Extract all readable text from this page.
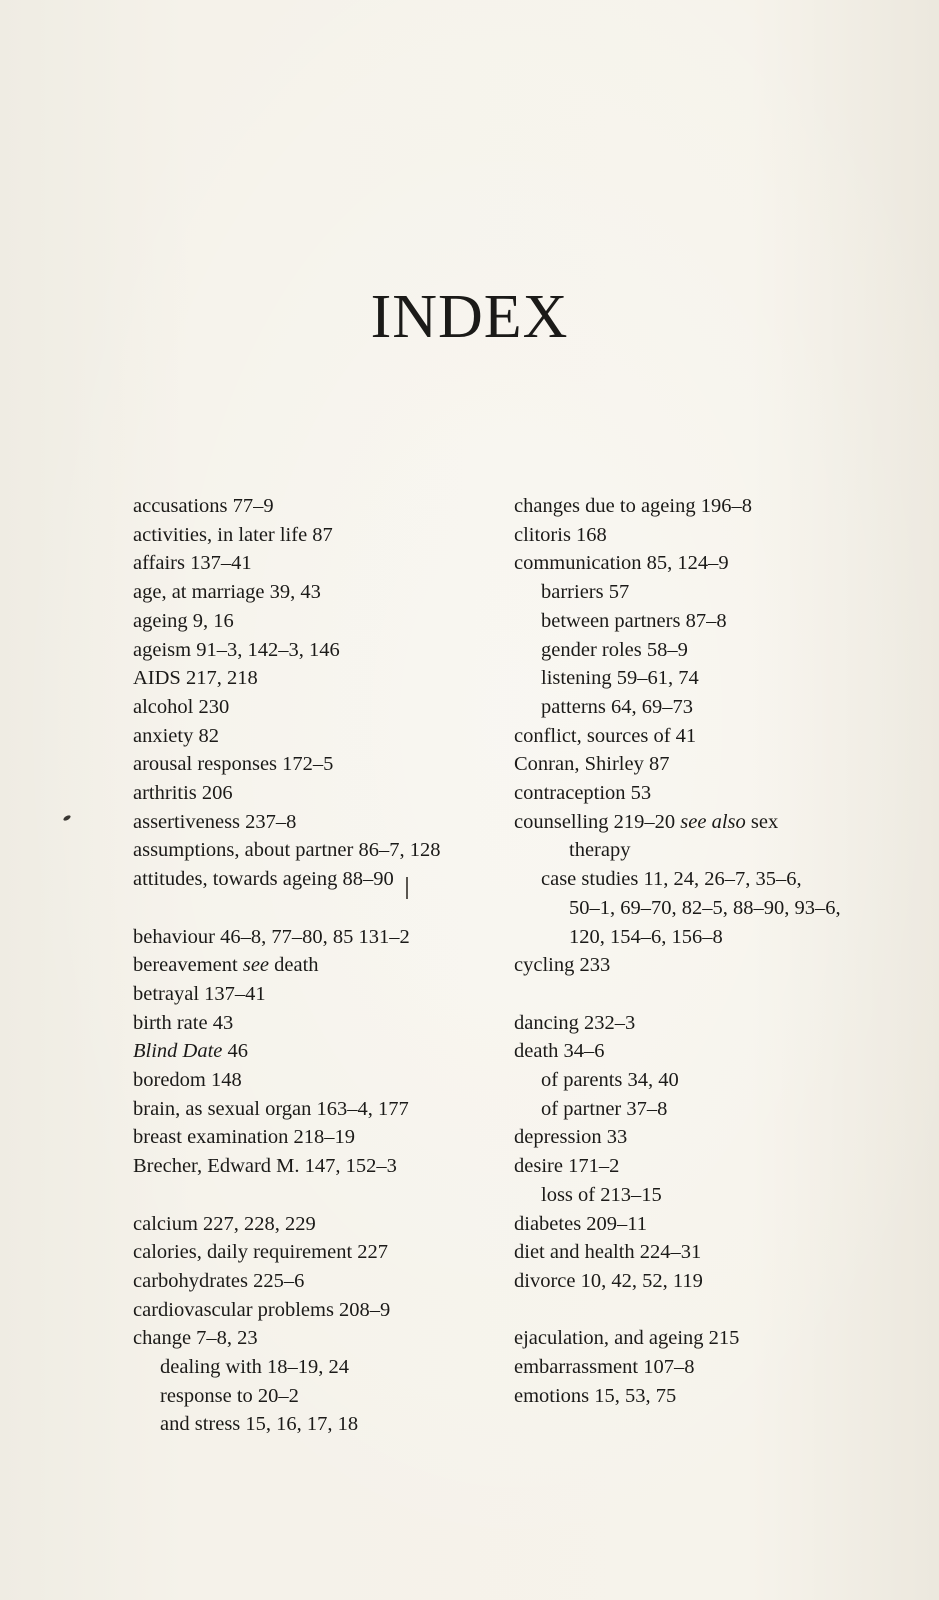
INDEX
accusations 77–9
activities, in later life 87
affairs 137–41
age, at marriage 39, 43
ageing 9, 16
ageism 91–3, 142–3, 146
AIDS 217, 218
alcohol 230
anxiety 82
arousal responses 172–5
arthritis 206
assertiveness 237–8
assumptions, about partner 86–7, 128
attitudes, towards ageing 88–90
behaviour 46–8, 77–80, 85 131–2
bereavement see death
betrayal 137–41
birth rate 43
Blind Date 46
boredom 148
brain, as sexual organ 163–4, 177
breast examination 218–19
Brecher, Edward M. 147, 152–3
calcium 227, 228, 229
calories, daily requirement 227
carbohydrates 225–6
cardiovascular problems 208–9
change 7–8, 23
dealing with 18–19, 24
response to 20–2
and stress 15, 16, 17, 18
changes due to ageing 196–8
clitoris 168
communication 85, 124–9
barriers 57
between partners 87–8
gender roles 58–9
listening 59–61, 74
patterns 64, 69–73
conflict, sources of 41
Conran, Shirley 87
contraception 53
counselling 219–20 see also sex
therapy
case studies 11, 24, 26–7, 35–6,
50–1, 69–70, 82–5, 88–90, 93–6,
120, 154–6, 156–8
cycling 233
dancing 232–3
death 34–6
of parents 34, 40
of partner 37–8
depression 33
desire 171–2
loss of 213–15
diabetes 209–11
diet and health 224–31
divorce 10, 42, 52, 119
ejaculation, and ageing 215
embarrassment 107–8
emotions 15, 53, 75
